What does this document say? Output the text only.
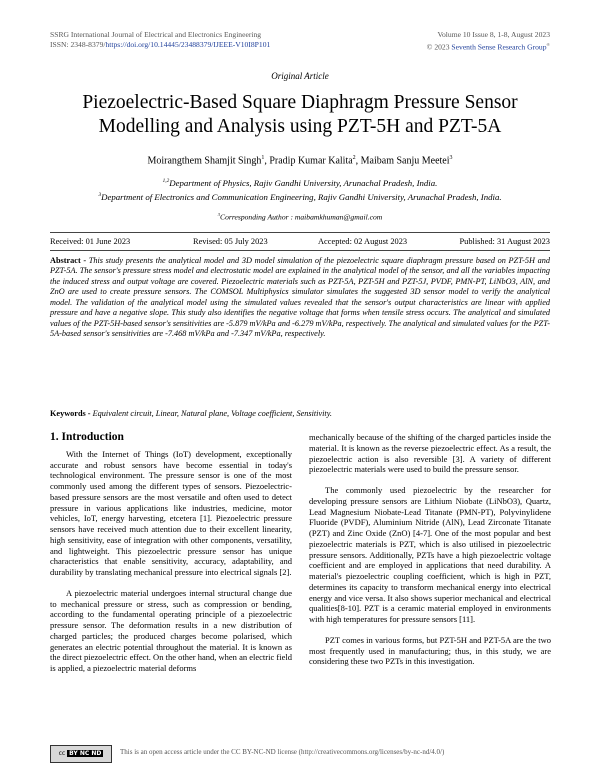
SSRG International Journal of Electrical and Electronics Engineering
ISSN: 2348-8379/https://doi.org/10.14445/23488379/IJEEE-V10I8P101
Volume 10 Issue 8, 1-8, August 2023
© 2023 Seventh Sense Research Group®
Original Article
Piezoelectric-Based Square Diaphragm Pressure Sensor Modelling and Analysis using PZT-5H and PZT-5A
Moirangthem Shamjit Singh$^1$, Pradip Kumar Kalita$^2$, Maibam Sanju Meetei$^3$
$^{1,2}$Department of Physics, Rajiv Gandhi University, Arunachal Pradesh, India.
$^3$Department of Electronics and Communication Engineering, Rajiv Gandhi University, Arunachal Pradesh, India.
$^3$Corresponding Author : maibamkhuman@gmail.com
Received: 01 June 2023	Revised: 05 July 2023	Accepted: 02 August 2023	Published: 31 August 2023
Abstract - This study presents the analytical model and 3D model simulation of the piezoelectric square diaphragm pressure based on PZT-5H and PZT-5A. The sensor's pressure stress model and electrostatic model are explained in the analytical model of the sensor, and all the variables impacting the induced stress and output voltage are covered. Piezoelectric materials such as PZT-5A, PZT-5H and PZT-5J, PVDF, PMN-PT, LiNbO3, AlN, and ZnO are used to create pressure sensors. The COMSOL Multiphysics simulator simulates the suggested 3D sensor model to verify the analytical model. The validation of the analytical model using the simulated values revealed that the sensor's output characteristics are linear with applied pressure and have a negative slope. This study also identifies the negative voltage that forms when tensile stress occurs. The analytical and simulated values of the PZT-5H-based sensor's sensitivities are -5.879 mV/kPa and -6.279 mV/kPa, respectively. The analytical and simulated values for the PZT-5A-based sensor's sensitivities are -7.468 mV/kPa and -7.347 mV/kPa, respectively.
Keywords - Equivalent circuit, Linear, Natural plane, Voltage coefficient, Sensitivity.
1. Introduction

With the Internet of Things (IoT) development, exceptionally accurate and robust sensors have become essential in today's technological environment. The pressure sensor is one of the most commonly used among the different types of sensors. Piezoelectric-based pressure sensors are the most versatile and often used to detect pressure in various applications like industries, medicine, motor vehicles, IoT, energy harvesting, etcetera [1]. Piezoelectric pressure sensors have received much attention due to their excellent linearity, high sensitivity, ease of integration with other components, versatility, and lightweight. This piezoelectric pressure sensor has unique characteristics that enable sensitivity, accuracy, adaptability, and durability by translating mechanical pressure into electrical signals [2].

A piezoelectric material undergoes internal structural change due to mechanical pressure or stress, such as compression or bending, according to the fundamental operating principle of a piezoelectric pressure sensor. The deformation results in a new distribution of charged particles; the produced charges become polarised, which generates an electric potential throughout the material. It is known as the direct piezoelectric effect. On the other hand, when an electric field is applied, a piezoelectric material deforms

mechanically because of the shifting of the charged particles inside the material. It is known as the reverse piezoelectric effect. As a result, the piezoelectric action is also reversible [3]. A variety of different piezoelectric materials were used to build the pressure sensor.

The commonly used piezoelectric by the researcher for developing pressure sensors are Lithium Niobate (LiNbO3), Quartz, Lead Magnesium Niobate-Lead Titanate (PMN-PT), Polyvinylidene Fluoride (PVDF), Aluminium Nitride (AlN), Lead Zirconate Titanate (PZT) and Zinc Oxide (ZnO) [4-7]. One of the most popular and best piezoelectric materials is PZT, which is also utilised in piezoelectric pressure sensors. Additionally, PZTs have a high piezoelectric voltage coefficient and are employed in applications that need durability. A material's piezoelectric coupling coefficient, which is high in PZT, determines its capacity to transform mechanical energy into electrical energy and vice versa. It also shows superior mechanical and electrical qualities[8-10]. PZT is a ceramic material employed in environments with high temperatures for pressure sensors [11].

PZT comes in various forms, but PZT-5H and PZT-5A are the two most frequently used in manufacturing; thus, in this study, we are considering these two PZTs in this investigation.

cc BY NC ND	This is an open access article under the CC BY-NC-ND license (http://creativecommons.org/licenses/by-nc-nd/4.0/)
